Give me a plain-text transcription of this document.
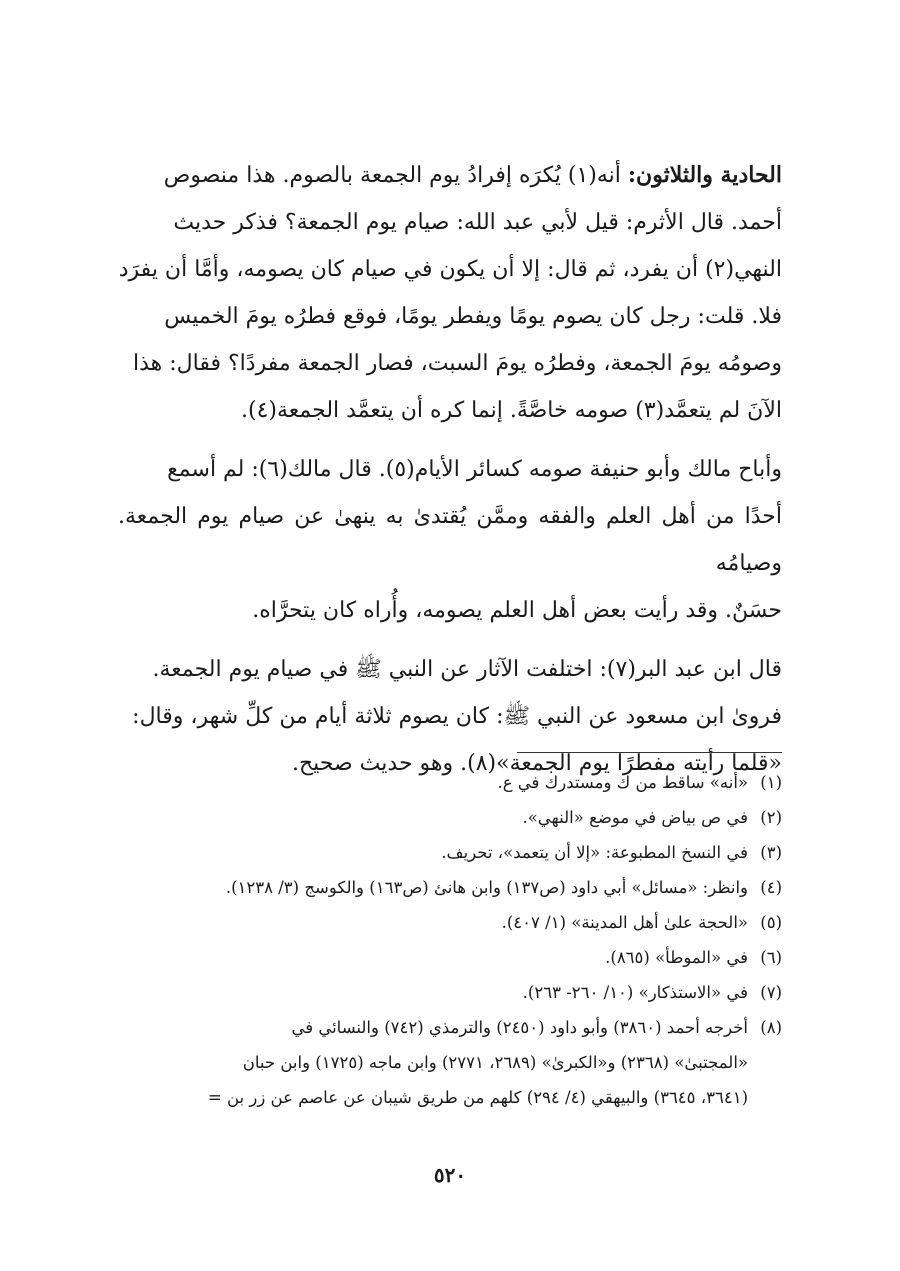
الحادية والثلاثون: أنه(١) يُكرَه إفرادُ يوم الجمعة بالصوم. هذا منصوص

أحمد. قال الأثرم: قيل لأبي عبد الله: صيام يوم الجمعة؟ فذكر حديث

النهي(٢) أن يفرد، ثم قال: إلا أن يكون في صيام كان يصومه، وأمَّا أن يفرَد

فلا. قلت: رجل كان يصوم يومًا ويفطر يومًا، فوقع فطرُه يومَ الخميس

وصومُه يومَ الجمعة، وفطرُه يومَ السبت، فصار الجمعة مفردًا؟ فقال: هذا

الآنَ لم يتعمَّد(٣) صومه خاصَّةً. إنما كره أن يتعمَّد الجمعة(٤).

وأباح مالك وأبو حنيفة صومه كسائر الأيام(٥). قال مالك(٦): لم أسمع

أحدًا من أهل العلم والفقه وممَّن يُقتدىٰ به ينهىٰ عن صيام يوم الجمعة. وصيامُه

حسَنٌ. وقد رأيت بعض أهل العلم يصومه، وأُراه كان يتحرَّاه.

قال ابن عبد البر(٧): اختلفت الآثار عن النبي ﷺ في صيام يوم الجمعة.

فروىٰ ابن مسعود عن النبي ﷺ: كان يصوم ثلاثة أيام من كلِّ شهر، وقال:

«قلما رأيته مفطرًا يوم الجمعة»(٨). وهو حديث صحيح.

(١)
«أنه» ساقط من ك ومستدرك في ع.
(٢)
في ص بياض في موضع «النهي».
(٣)
في النسخ المطبوعة: «إلا أن يتعمد»، تحريف.
(٤)
وانظر: «مسائل» أبي داود (ص١٣٧) وابن هانئ (ص١٦٣) والكوسج (٣/ ١٢٣٨).
(٥)
«الحجة علىٰ أهل المدينة» (١/ ٤٠٧).
(٦)
في «الموطأ» (٨٦٥).
(٧)
في «الاستذكار» (١٠/ ٢٦٠- ٢٦٣).
(٨)
أخرجه أحمد (٣٨٦٠) وأبو داود (٢٤٥٠) والترمذي (٧٤٢) والنسائي في
«المجتبىٰ» (٢٣٦٨) و«الكبرىٰ» (٢٦٨٩، ٢٧٧١) وابن ماجه (١٧٢٥) وابن حبان
(٣٦٤١، ٣٦٤٥) والبيهقي (٤/ ٢٩٤) كلهم من طريق شيبان عن عاصم عن زر بن =
٥٢٠
